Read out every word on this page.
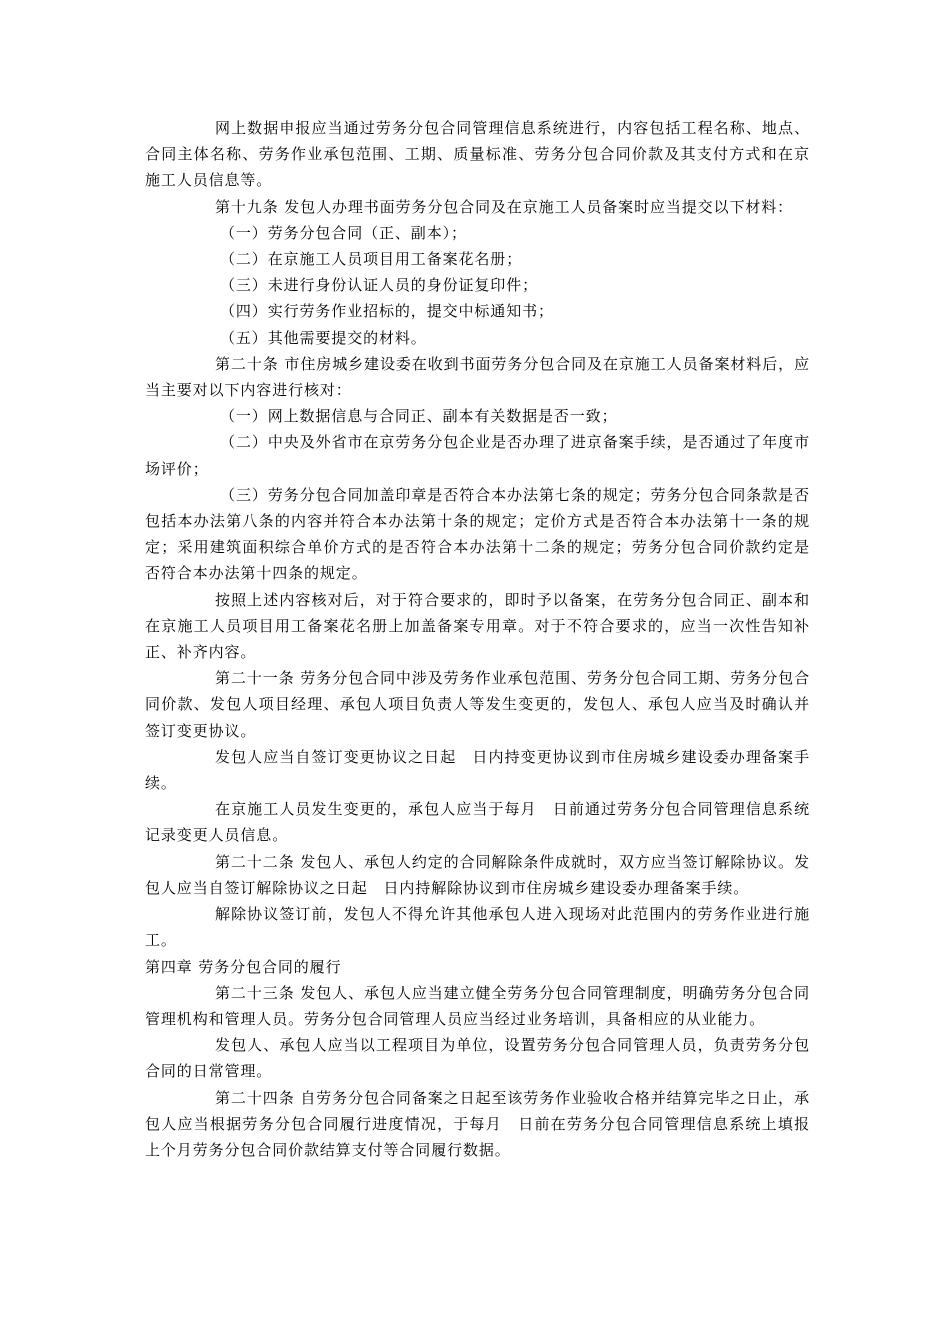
网上数据申报应当通过劳务分包合同管理信息系统进行，内容包括工程名称、地点、合同主体名称、劳务作业承包范围、工期、质量标准、劳务分包合同价款及其支付方式和在京施工人员信息等。

第十九条 发包人办理书面劳务分包合同及在京施工人员备案时应当提交以下材料：

（一）劳务分包合同（正、副本）；

（二）在京施工人员项目用工备案花名册；

（三）未进行身份认证人员的身份证复印件；

（四）实行劳务作业招标的，提交中标通知书；

（五）其他需要提交的材料。

第二十条 市住房城乡建设委在收到书面劳务分包合同及在京施工人员备案材料后，应当主要对以下内容进行核对：

（一）网上数据信息与合同正、副本有关数据是否一致；

（二）中央及外省市在京劳务分包企业是否办理了进京备案手续，是否通过了年度市场评价；

（三）劳务分包合同加盖印章是否符合本办法第七条的规定；劳务分包合同条款是否包括本办法第八条的内容并符合本办法第十条的规定；定价方式是否符合本办法第十一条的规定；采用建筑面积综合单价方式的是否符合本办法第十二条的规定；劳务分包合同价款约定是否符合本办法第十四条的规定。

按照上述内容核对后，对于符合要求的，即时予以备案，在劳务分包合同正、副本和在京施工人员项目用工备案花名册上加盖备案专用章。对于不符合要求的，应当一次性告知补正、补齐内容。

第二十一条 劳务分包合同中涉及劳务作业承包范围、劳务分包合同工期、劳务分包合同价款、发包人项目经理、承包人项目负责人等发生变更的，发包人、承包人应当及时确认并签订变更协议。

发包人应当自签订变更协议之日起　日内持变更协议到市住房城乡建设委办理备案手续。

在京施工人员发生变更的，承包人应当于每月　日前通过劳务分包合同管理信息系统记录变更人员信息。

第二十二条 发包人、承包人约定的合同解除条件成就时，双方应当签订解除协议。发包人应当自签订解除协议之日起　日内持解除协议到市住房城乡建设委办理备案手续。

解除协议签订前，发包人不得允许其他承包人进入现场对此范围内的劳务作业进行施工。

第四章 劳务分包合同的履行

第二十三条 发包人、承包人应当建立健全劳务分包合同管理制度，明确劳务分包合同管理机构和管理人员。劳务分包合同管理人员应当经过业务培训，具备相应的从业能力。

发包人、承包人应当以工程项目为单位，设置劳务分包合同管理人员，负责劳务分包合同的日常管理。

第二十四条 自劳务分包合同备案之日起至该劳务作业验收合格并结算完毕之日止，承包人应当根据劳务分包合同履行进度情况，于每月　日前在劳务分包合同管理信息系统上填报上个月劳务分包合同价款结算支付等合同履行数据。
